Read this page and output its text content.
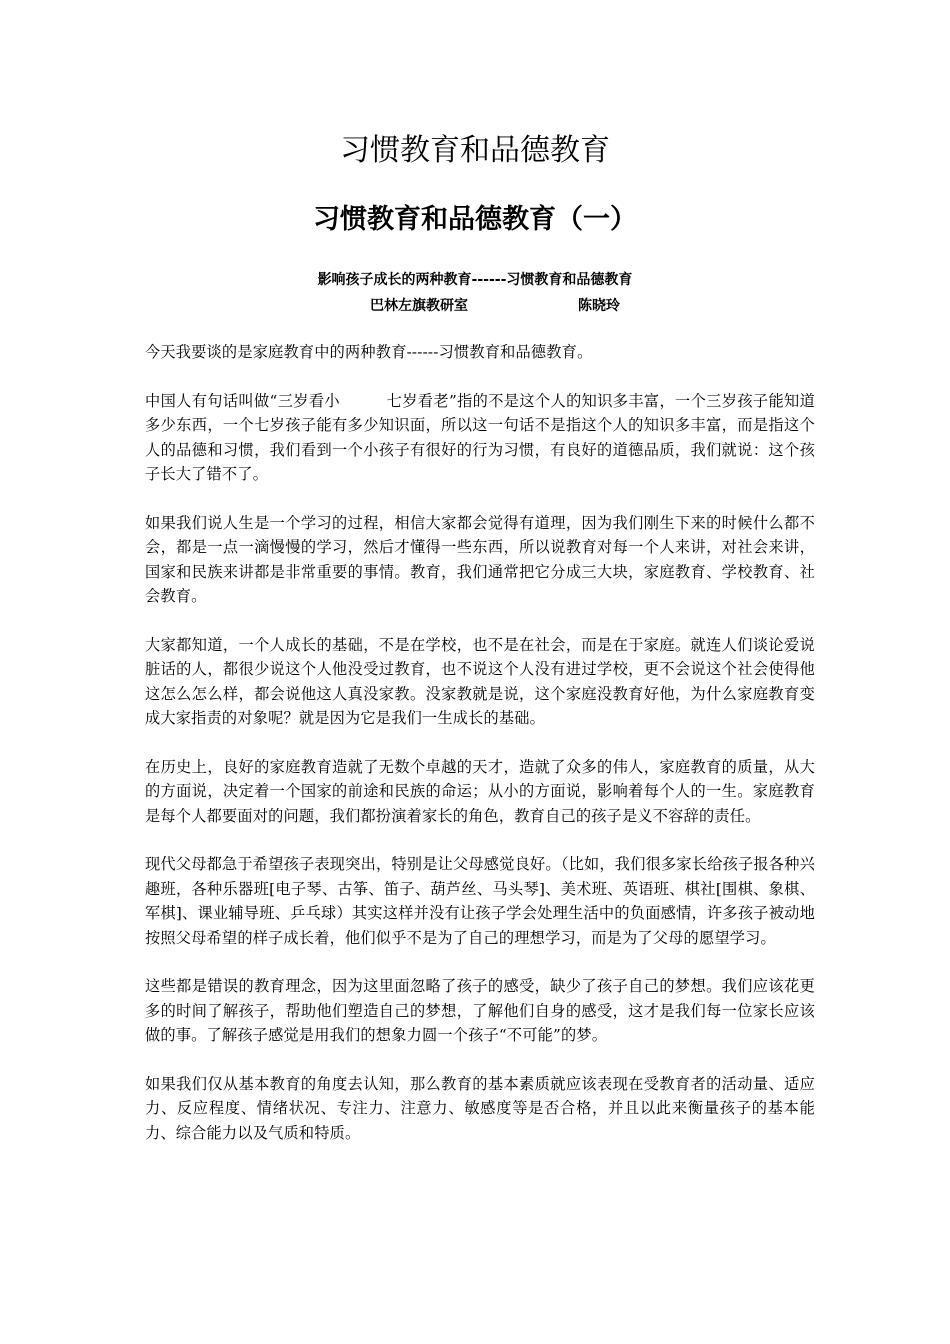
习惯教育和品德教育
习惯教育和品德教育（一）

影响孩子成长的两种教育------习惯教育和品德教育

巴林左旗教研室	陈晓玲

今天我要谈的是家庭教育中的两种教育------习惯教育和品德教育。

中国人有句话叫做“三岁看小　　　七岁看老”指的不是这个人的知识多丰富，一个三岁孩子能知道多少东西，一个七岁孩子能有多少知识面，所以这一句话不是指这个人的知识多丰富，而是指这个人的品德和习惯，我们看到一个小孩子有很好的行为习惯，有良好的道德品质，我们就说：这个孩子长大了错不了。

如果我们说人生是一个学习的过程，相信大家都会觉得有道理，因为我们刚生下来的时候什么都不会，都是一点一滴慢慢的学习，然后才懂得一些东西，所以说教育对每一个人来讲，对社会来讲，国家和民族来讲都是非常重要的事情。教育，我们通常把它分成三大块，家庭教育、学校教育、社会教育。

大家都知道，一个人成长的基础，不是在学校，也不是在社会，而是在于家庭。就连人们谈论爱说脏话的人，都很少说这个人他没受过教育，也不说这个人没有进过学校，更不会说这个社会使得他这怎么怎么样，都会说他这人真没家教。没家教就是说，这个家庭没教育好他，为什么家庭教育变成大家指责的对象呢？就是因为它是我们一生成长的基础。

在历史上，良好的家庭教育造就了无数个卓越的天才，造就了众多的伟人，家庭教育的质量，从大的方面说，决定着一个国家的前途和民族的命运；从小的方面说，影响着每个人的一生。家庭教育是每个人都要面对的问题，我们都扮演着家长的角色，教育自己的孩子是义不容辞的责任。

现代父母都急于希望孩子表现突出，特别是让父母感觉良好。（比如，我们很多家长给孩子报各种兴趣班，各种乐器班[电子琴、古筝、笛子、葫芦丝、马头琴]、美术班、英语班、棋社[围棋、象棋、军棋]、课业辅导班、乒乓球）其实这样并没有让孩子学会处理生活中的负面感情，许多孩子被动地按照父母希望的样子成长着，他们似乎不是为了自己的理想学习，而是为了父母的愿望学习。

这些都是错误的教育理念，因为这里面忽略了孩子的感受，缺少了孩子自己的梦想。我们应该花更多的时间了解孩子，帮助他们塑造自己的梦想，了解他们自身的感受，这才是我们每一位家长应该做的事。了解孩子感觉是用我们的想象力圆一个孩子“不可能”的梦。

如果我们仅从基本教育的角度去认知，那么教育的基本素质就应该表现在受教育者的活动量、适应力、反应程度、情绪状况、专注力、注意力、敏感度等是否合格，并且以此来衡量孩子的基本能力、综合能力以及气质和特质。
